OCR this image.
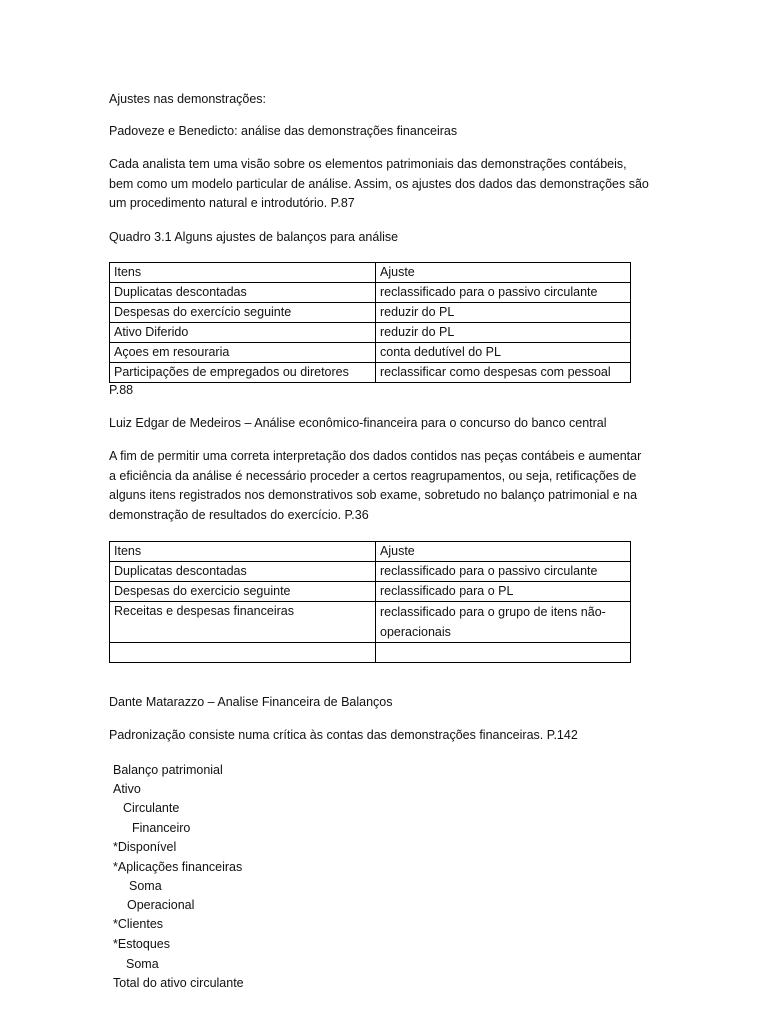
Ajustes nas demonstrações:
Padoveze e Benedicto: análise das demonstrações financeiras
Cada analista tem uma visão sobre os elementos patrimoniais das demonstrações contábeis, bem como um modelo particular de análise. Assim, os ajustes dos dados das demonstrações são um procedimento natural e introdutório. P.87
Quadro 3.1 Alguns ajustes de balanços para análise
Itens	Ajuste
Duplicatas descontadas	reclassificado para o passivo circulante
Despesas do exercício seguinte	reduzir do PL
Ativo Diferido	reduzir do PL
Açoes em resouraria	conta dedutível do PL
Participações de empregados ou diretores	reclassificar como despesas com pessoal
P.88
Luiz Edgar de Medeiros – Análise econômico-financeira para o concurso do banco central
A fim de permitir uma correta interpretação dos dados contidos nas peças contábeis e aumentar a eficiência da análise é necessário proceder a certos reagrupamentos, ou seja, retificações de alguns itens registrados nos demonstrativos sob exame, sobretudo no balanço patrimonial e na demonstração de resultados do exercício. P.36
Itens	Ajuste
Duplicatas descontadas	reclassificado para o passivo circulante
Despesas do exercicio seguinte	reclassificado para o PL
Receitas e despesas financeiras	reclassificado para o grupo de itens não-operacionais

Dante Matarazzo – Analise Financeira de Balanços
Padronização consiste numa crítica às contas das demonstrações financeiras. P.142
Balanço patrimonial
Ativo
Circulante
Financeiro
*Disponível
*Aplicações financeiras
Soma
Operacional
*Clientes
*Estoques
Soma
Total do ativo circulante
